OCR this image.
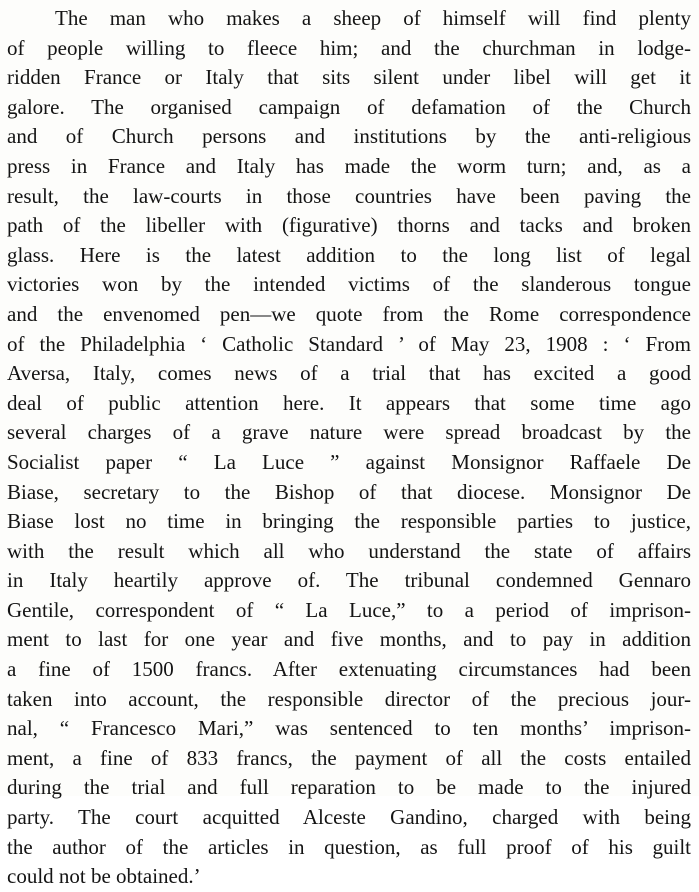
The man who makes a sheep of himself will find plenty
of people willing to fleece him; and the churchman in lodge-
ridden France or Italy that sits silent under libel will get it
galore. The organised campaign of defamation of the Church
and of Church persons and institutions by the anti-religious
press in France and Italy has made the worm turn; and, as a
result, the law-courts in those countries have been paving the
path of the libeller with (figurative) thorns and tacks and broken
glass. Here is the latest addition to the long list of legal
victories won by the intended victims of the slanderous tongue
and the envenomed pen—we quote from the Rome correspondence
of the Philadelphia ‘ Catholic Standard ’ of May 23, 1908 : ‘ From
Aversa, Italy, comes news of a trial that has excited a good
deal of public attention here. It appears that some time ago
several charges of a grave nature were spread broadcast by the
Socialist paper “ La Luce ” against Monsignor Raffaele De
Biase, secretary to the Bishop of that diocese. Monsignor De
Biase lost no time in bringing the responsible parties to justice,
with the result which all who understand the state of affairs
in Italy heartily approve of. The tribunal condemned Gennaro
Gentile, correspondent of “ La Luce,” to a period of imprison-
ment to last for one year and five months, and to pay in addition
a fine of 1500 francs. After extenuating circumstances had been
taken into account, the responsible director of the precious jour-
nal, “ Francesco Mari,” was sentenced to ten months’ imprison-
ment, a fine of 833 francs, the payment of all the costs entailed
during the trial and full reparation to be made to the injured
party. The court acquitted Alceste Gandino, charged with being
the author of the articles in question, as full proof of his guilt
could not be obtained.’
